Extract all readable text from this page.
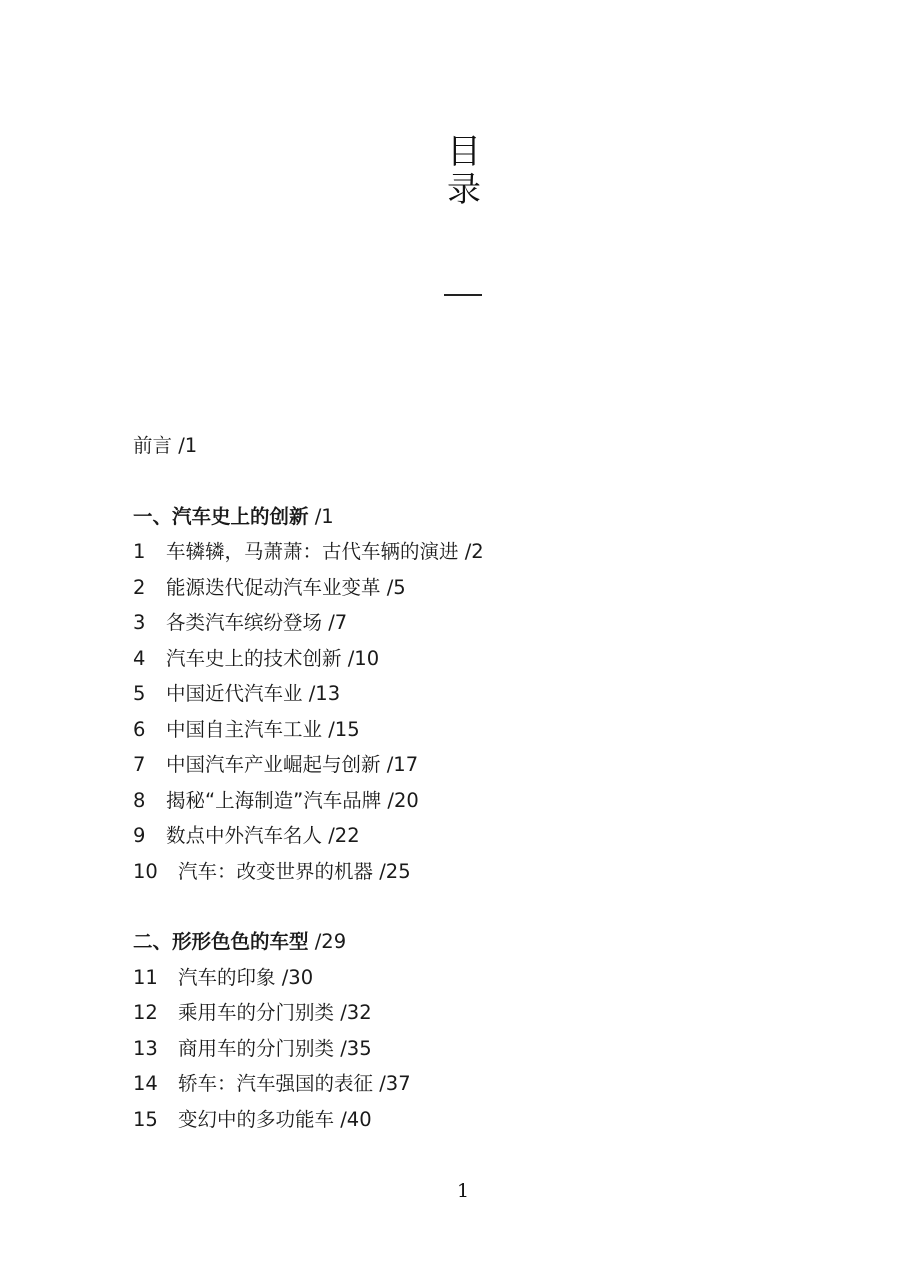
目
录
前言 /1
一、汽车史上的创新 /1
1 车辚辚，马萧萧：古代车辆的演进 /2
2 能源迭代促动汽车业变革 /5
3 各类汽车缤纷登场 /7
4 汽车史上的技术创新 /10
5 中国近代汽车业 /13
6 中国自主汽车工业 /15
7 中国汽车产业崛起与创新 /17
8 揭秘“上海制造”汽车品牌 /20
9 数点中外汽车名人 /22
10 汽车：改变世界的机器 /25
二、形形色色的车型 /29
11 汽车的印象 /30
12 乘用车的分门别类 /32
13 商用车的分门别类 /35
14 轿车：汽车强国的表征 /37
15 变幻中的多功能车 /40
1
